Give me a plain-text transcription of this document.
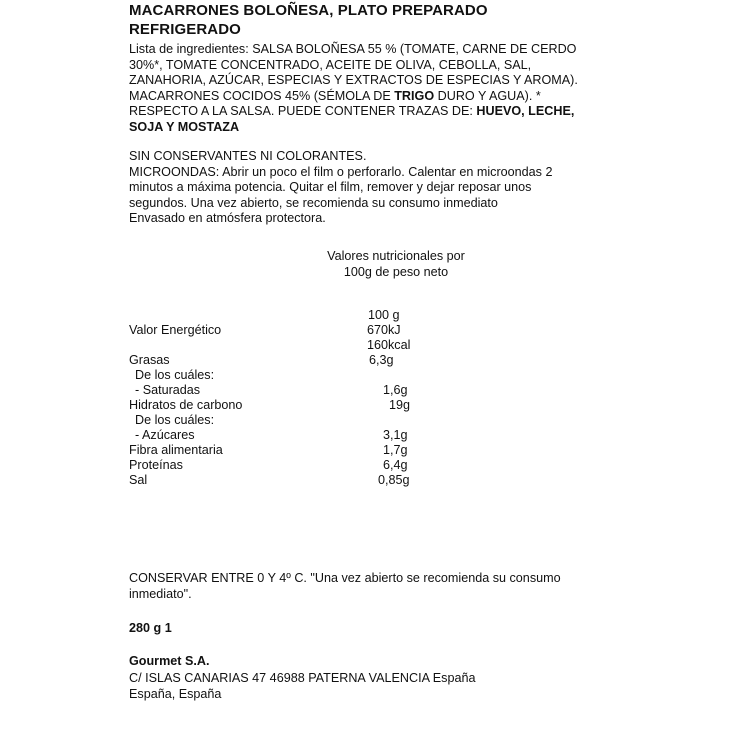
MACARRONES BOLOÑESA, PLATO PREPARADO
REFRIGERADO
Lista de ingredientes: SALSA BOLOÑESA 55 % (TOMATE, CARNE DE CERDO
30%*, TOMATE CONCENTRADO, ACEITE DE OLIVA, CEBOLLA, SAL,
ZANAHORIA, AZÚCAR, ESPECIAS Y EXTRACTOS DE ESPECIAS Y AROMA).
MACARRONES COCIDOS 45% (SÉMOLA DE TRIGO DURO Y AGUA). *
RESPECTO A LA SALSA. PUEDE CONTENER TRAZAS DE: HUEVO, LECHE,
SOJA Y MOSTAZA
SIN CONSERVANTES NI COLORANTES.
MICROONDAS: Abrir un poco el film o perforarlo. Calentar en microondas 2
minutos a máxima potencia. Quitar el film, remover y dejar reposar unos
segundos. Una vez abierto, se recomienda su consumo inmediato
Envasado en atmósfera protectora.
Valores nutricionales por
100g de peso neto
100 g
Valor Energético	670kJ
160kcal
Grasas	6,3g
De los cuáles:
- Saturadas	1,6g
Hidratos de carbono	19g
De los cuáles:
- Azúcares	3,1g
Fibra alimentaria	1,7g
Proteínas	6,4g
Sal	0,85g
CONSERVAR ENTRE 0 Y 4º C. "Una vez abierto se recomienda su consumo
inmediato".
280 g 1
Gourmet S.A.
C/ ISLAS CANARIAS 47 46988 PATERNA VALENCIA España
España, España
